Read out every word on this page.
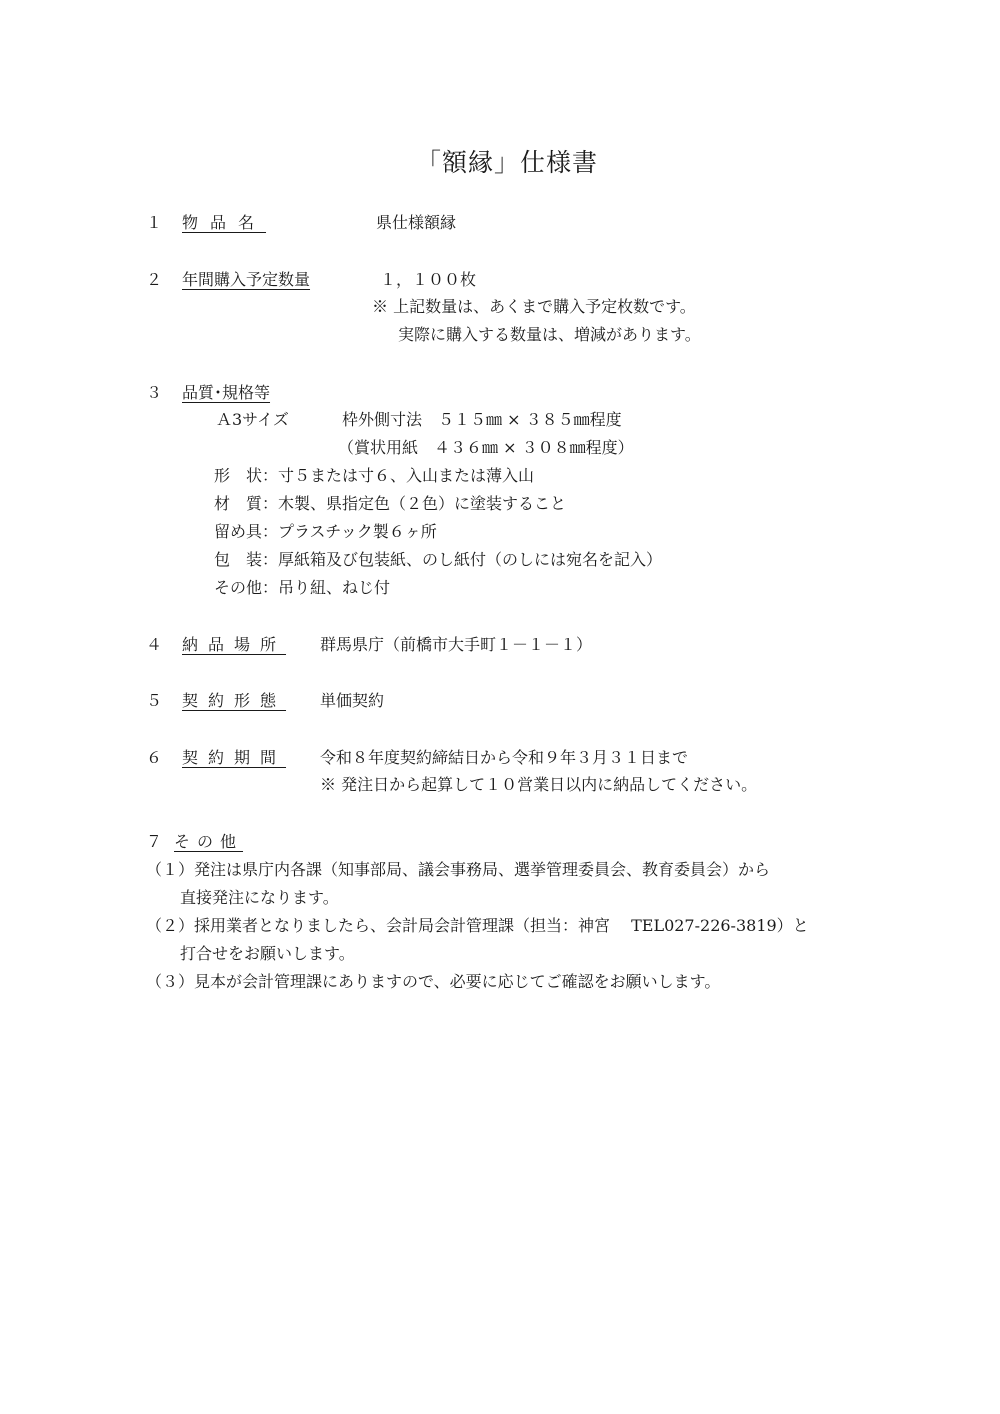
「額縁」仕様書
１ 物品名	県仕様額縁
２ 年間購入予定数量	１，１００枚
※ 上記数量は、あくまで購入予定枚数です。
実際に購入する数量は、増減があります。
３ 品質･規格等
Ａ3サイズ	枠外側寸法　５１５㎜ × ３８５㎜程度
（賞状用紙　４３６㎜ × ３０８㎜程度）
形　状：寸５または寸６、入山または薄入山
材　質：木製、県指定色（２色）に塗装すること
留め具：プラスチック製６ヶ所
包　装：厚紙箱及び包装紙、のし紙付（のしには宛名を記入）
その他：吊り紐、ねじ付
４ 納品場所 群馬県庁（前橋市大手町１－１－１）
５ 契約形態 単価契約
６ 契約期間 令和８年度契約締結日から令和９年３月３１日まで
※ 発注日から起算して１０営業日以内に納品してください。
７ その他
（１）発注は県庁内各課（知事部局、議会事務局、選挙管理委員会、教育委員会）から
直接発注になります。
（２）採用業者となりましたら、会計局会計管理課（担当：神宮　 TEL027-226-3819）と
打合せをお願いします。
（３）見本が会計管理課にありますので、必要に応じてご確認をお願いします。
